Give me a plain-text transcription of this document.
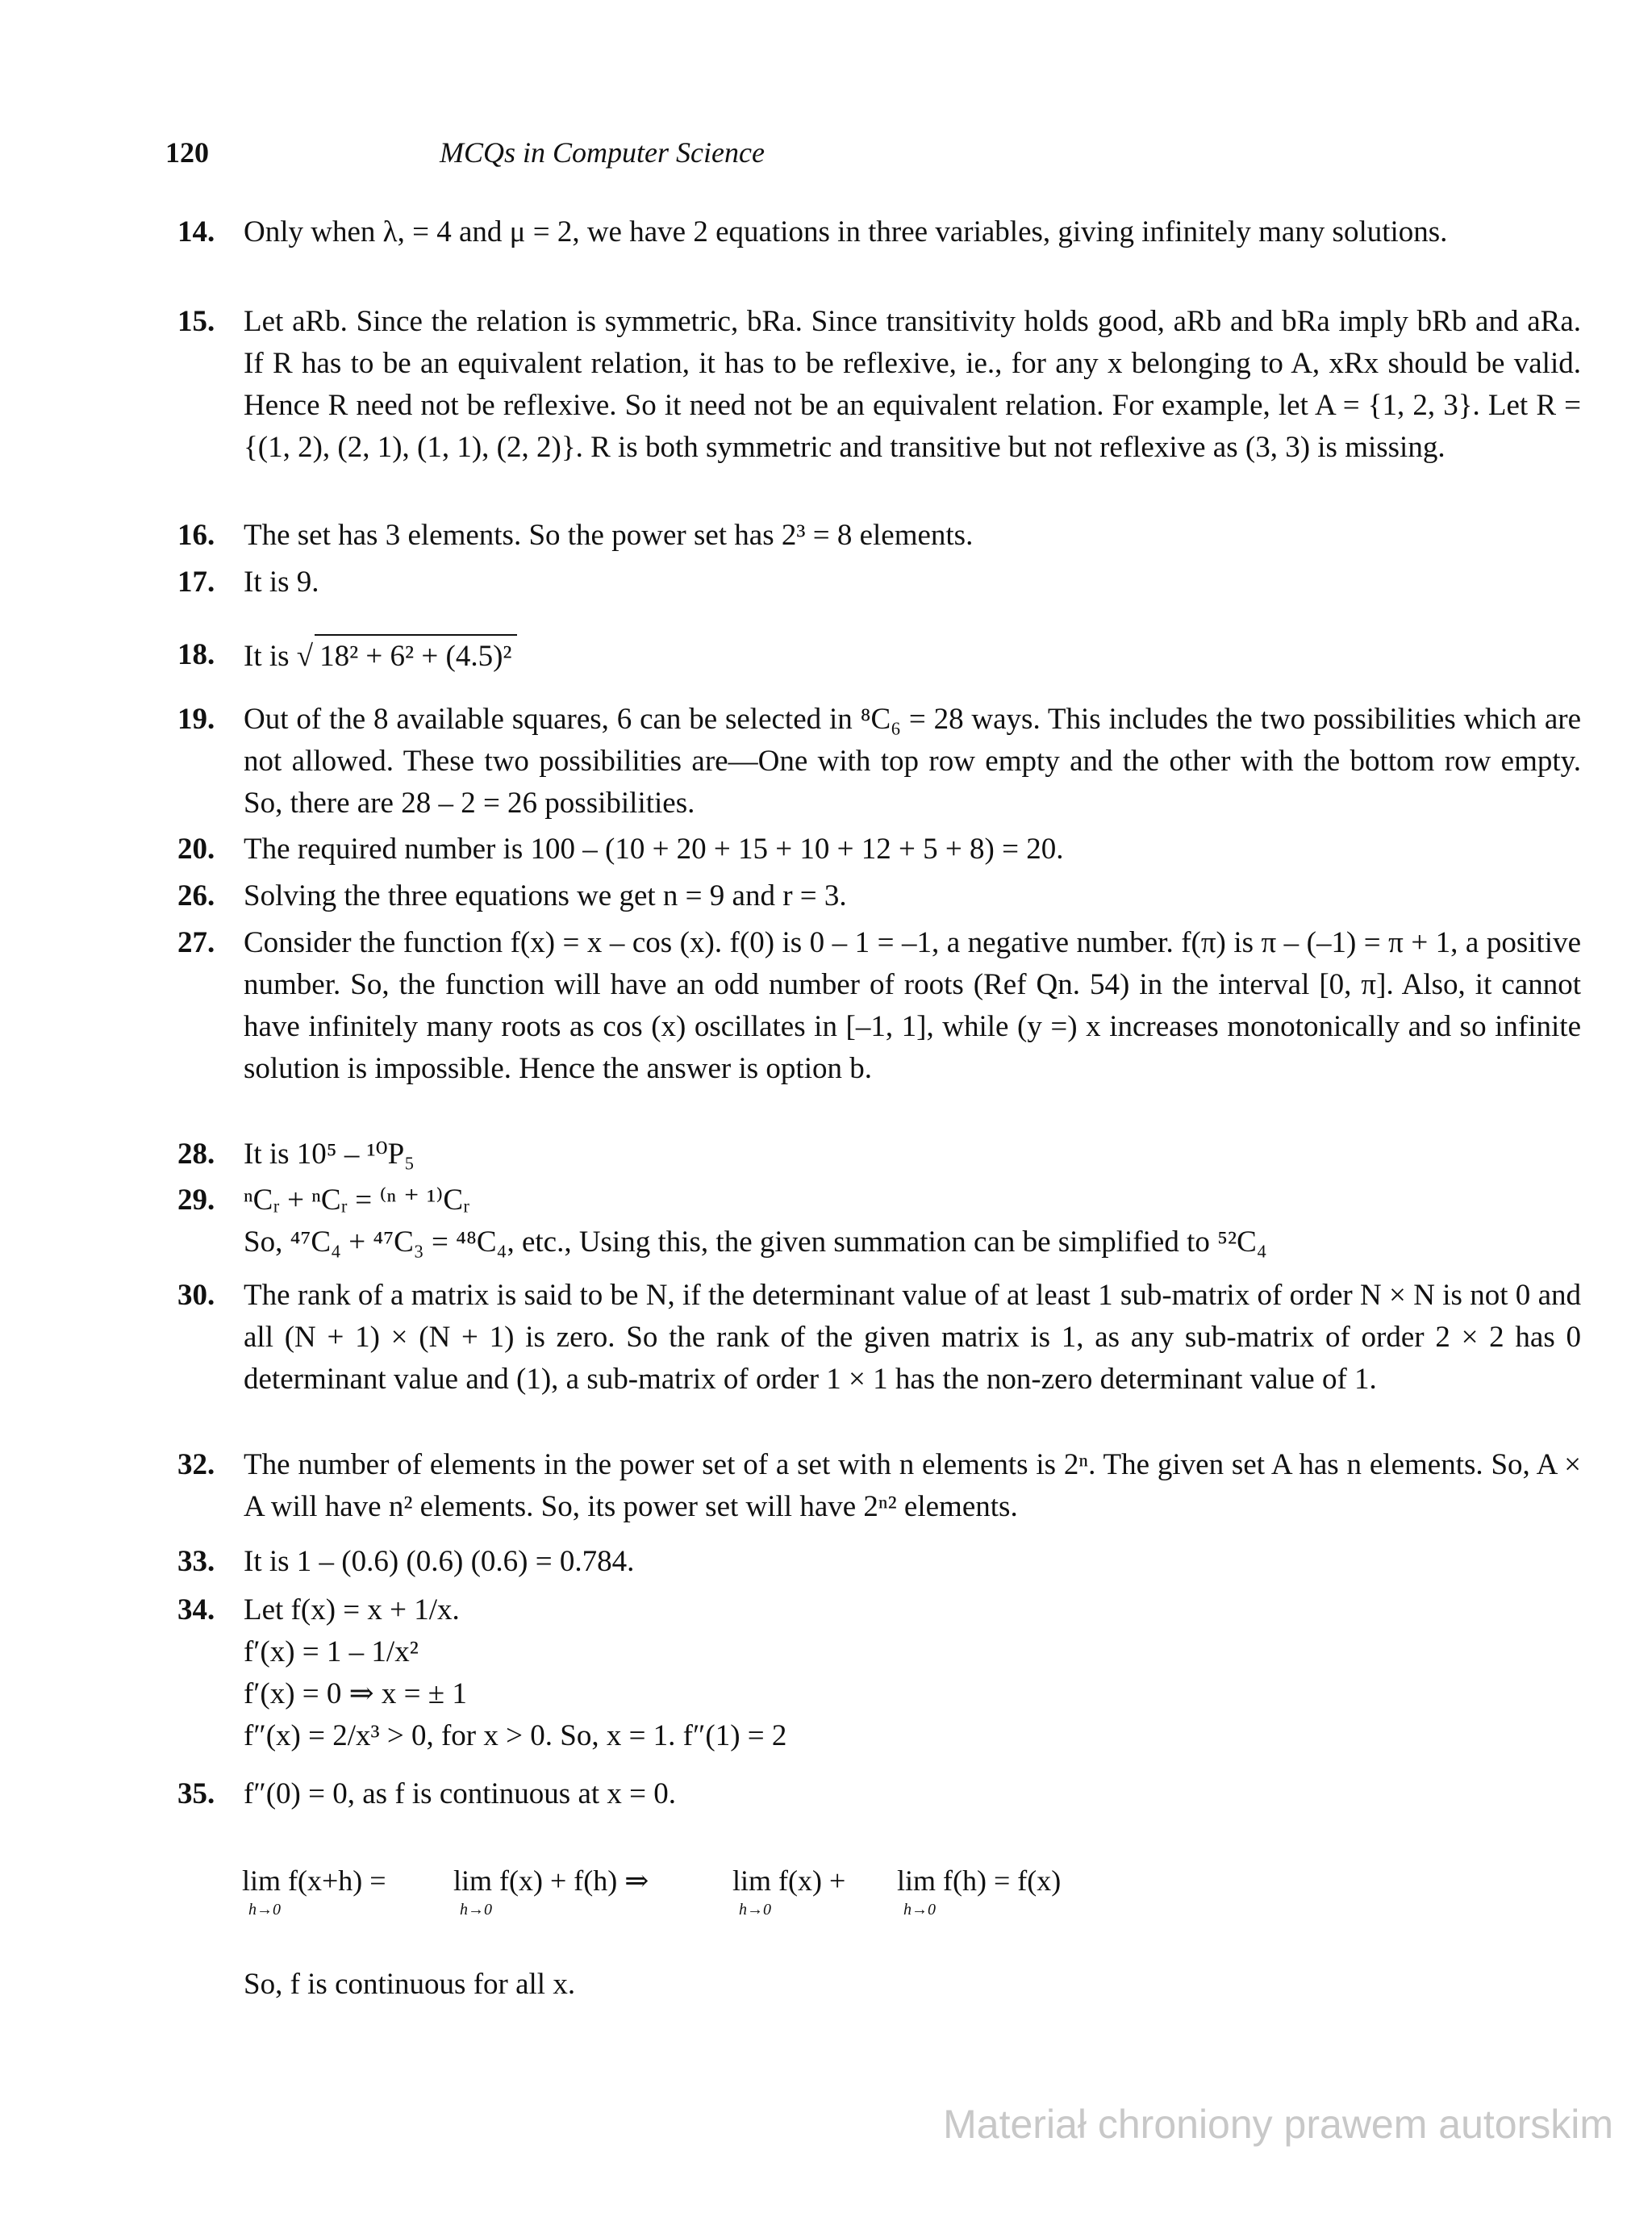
120	MCQs in Computer Science
14. Only when λ, = 4 and μ = 2, we have 2 equations in three variables, giving infinitely many solutions.
15. Let aRb. Since the relation is symmetric, bRa. Since transitivity holds good, aRb and bRa imply bRb and aRa. If R has to be an equivalent relation, it has to be reflexive, ie., for any x belonging to A, xRx should be valid. Hence R need not be reflexive. So it need not be an equivalent relation. For example, let A = {1, 2, 3}. Let R = {(1, 2), (2, 1), (1, 1), (2, 2)}. R is both symmetric and transitive but not reflexive as (3, 3) is missing.
16. The set has 3 elements. So the power set has 2³ = 8 elements.
17. It is 9.
18. It is √ 18² + 6² + (4.5)²
19. Out of the 8 available squares, 6 can be selected in ⁸C₆ = 28 ways. This includes the two possibilities which are not allowed. These two possibilities are—One with top row empty and the other with the bottom row empty. So, there are 28 – 2 = 26 possibilities.
20. The required number is 100 – (10 + 20 + 15 + 10 + 12 + 5 + 8) = 20.
26. Solving the three equations we get n = 9 and r = 3.
27. Consider the function f(x) = x – cos (x). f(0) is 0 – 1 = –1, a negative number. f(π) is π – (–1) = π + 1, a positive number. So, the function will have an odd number of roots (Ref Qn. 54) in the interval [0, π]. Also, it cannot have infinitely many roots as cos (x) oscillates in [–1, 1], while (y =) x increases monotonically and so infinite solution is impossible. Hence the answer is option b.
28. It is 10⁵ – ¹⁰P₅
29. ⁿCᵣ + ⁿCᵣ = ⁽ⁿ ⁺ ¹⁾Cᵣ
So, ⁴⁷C₄ + ⁴⁷C₃ = ⁴⁸C₄, etc., Using this, the given summation can be simplified to ⁵²C₄
30. The rank of a matrix is said to be N, if the determinant value of at least 1 sub-matrix of order N × N is not 0 and all (N + 1) × (N + 1) is zero. So the rank of the given matrix is 1, as any sub-matrix of order 2 × 2 has 0 determinant value and (1), a sub-matrix of order 1 × 1 has the non-zero determinant value of 1.
32. The number of elements in the power set of a set with n elements is 2ⁿ. The given set A has n elements. So, A × A will have n² elements. So, its power set will have 2ⁿ² elements.
33. It is 1 – (0.6) (0.6) (0.6) = 0.784.
34. Let f(x) = x + 1/x.
f′(x) = 1 – 1/x²
f′(x) = 0 ⇒ x = ± 1
f″(x) = 2/x³ > 0, for x > 0. So, x = 1. f″(1) = 2
35. f″(0) = 0, as f is continuous at x = 0.
lim f(x+h) =
h→0
lim f(x) + f(h) ⇒
h→0
lim f(x) +
h→0
lim f(h) = f(x)
h→0
So, f is continuous for all x.
Materiał chroniony prawem autorskim
